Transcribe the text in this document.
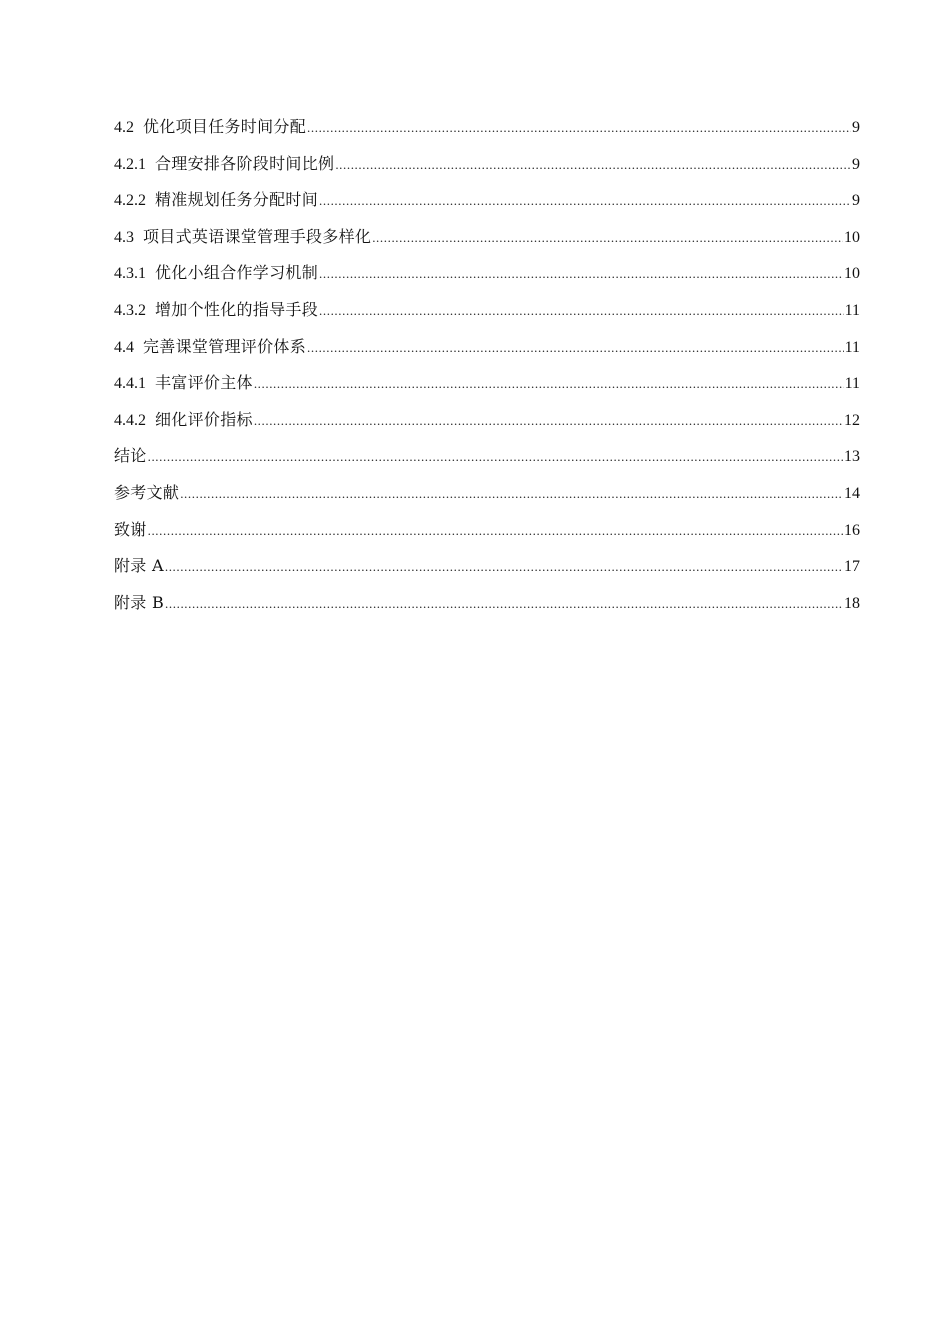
4.2 优化项目任务时间分配 .....	9
4.2.1 合理安排各阶段时间比例 .....	9
4.2.2 精准规划任务分配时间 .....	9
4.3 项目式英语课堂管理手段多样化 .....	10
4.3.1 优化小组合作学习机制 .....	10
4.3.2 增加个性化的指导手段 .....	11
4.4 完善课堂管理评价体系 .....	11
4.4.1 丰富评价主体 .....	11
4.4.2 细化评价指标 .....	12
结论 .....	13
参考文献 .....	14
致谢 .....	16
附录 A .....	17
附录 B .....	18
